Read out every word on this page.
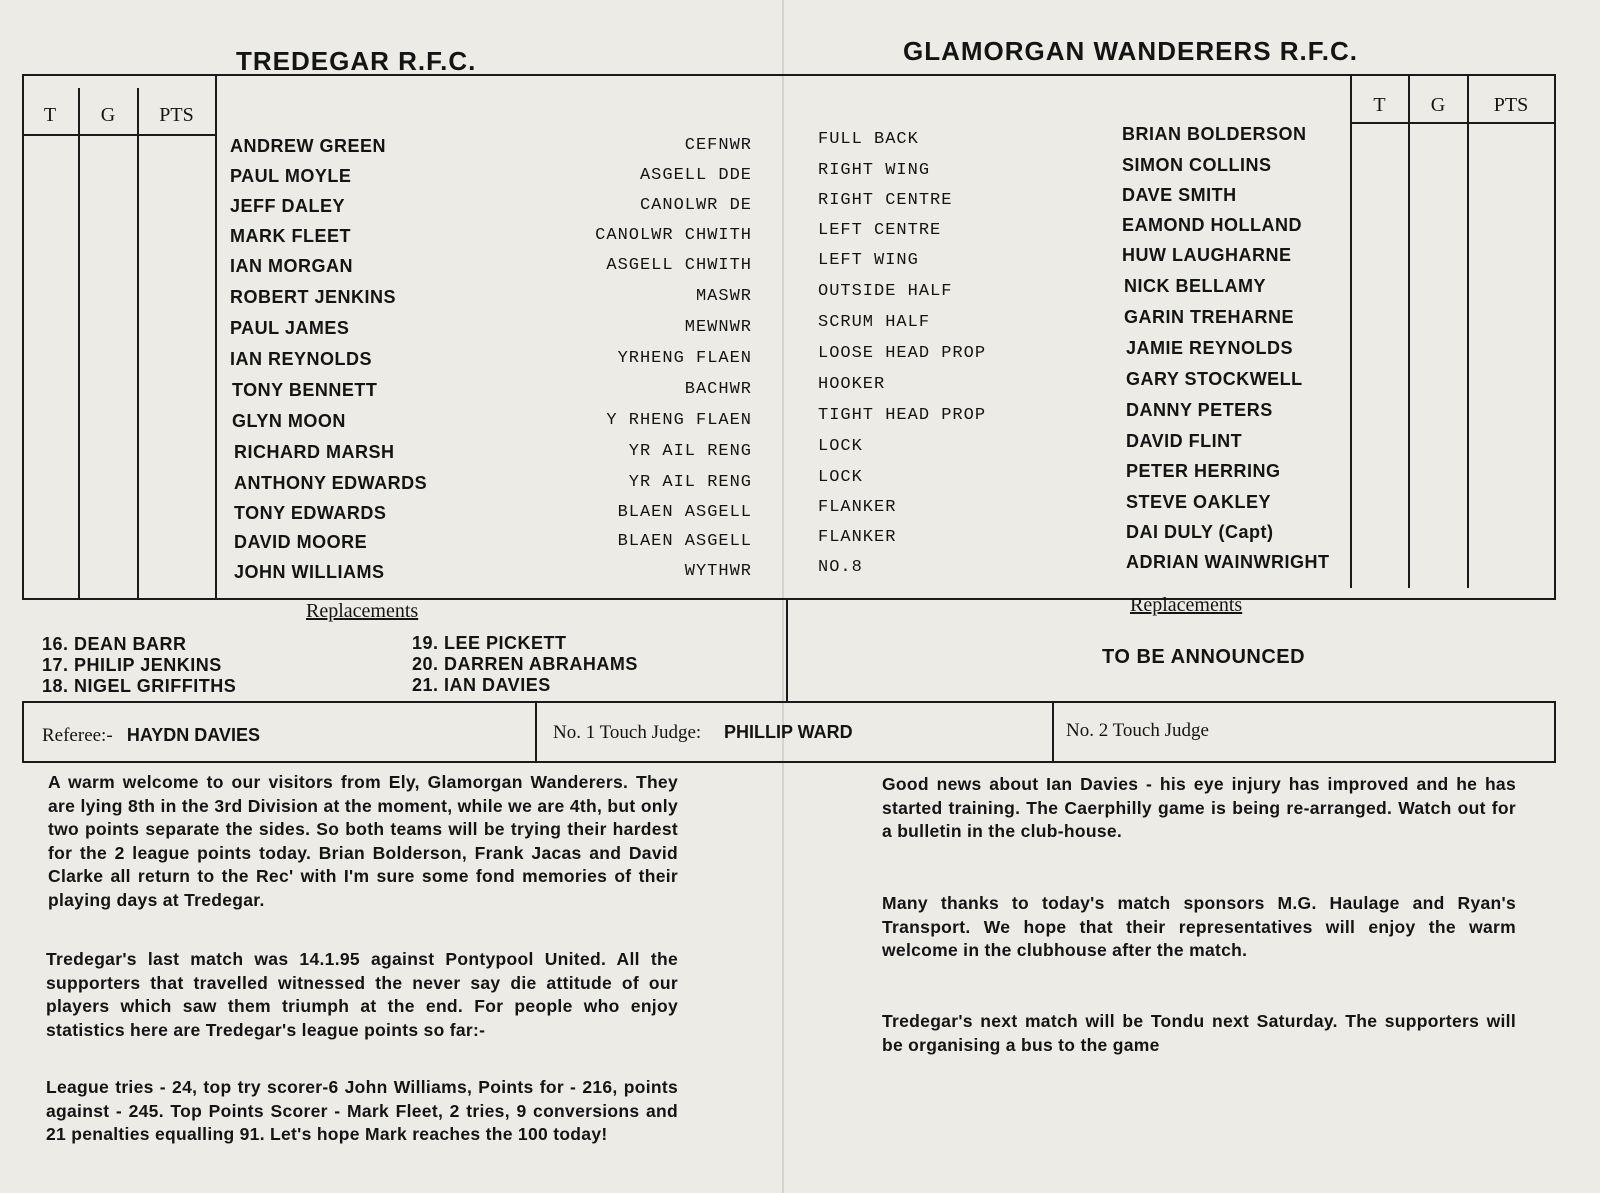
TREDEGAR R.F.C.	GLAMORGAN WANDERERS R.F.C.
T	G	PTS	T	G	PTS
ANDREW GREEN	CEFNWR
PAUL MOYLE	ASGELL DDE
JEFF DALEY	CANOLWR DE
MARK FLEET	CANOLWR CHWITH
IAN MORGAN	ASGELL CHWITH
ROBERT JENKINS	MASWR
PAUL JAMES	MEWNWR
IAN REYNOLDS	YRHENG FLAEN
TONY BENNETT	BACHWR
GLYN MOON	Y RHENG FLAEN
RICHARD MARSH	YR AIL RENG
ANTHONY EDWARDS	YR AIL RENG
TONY EDWARDS	BLAEN ASGELL
DAVID MOORE	BLAEN ASGELL
JOHN WILLIAMS	WYTHWR
FULL BACK	BRIAN BOLDERSON
RIGHT WING	SIMON COLLINS
RIGHT CENTRE	DAVE SMITH
LEFT CENTRE	EAMOND HOLLAND
LEFT WING	HUW LAUGHARNE
OUTSIDE HALF	NICK BELLAMY
SCRUM HALF	GARIN TREHARNE
LOOSE HEAD PROP	JAMIE REYNOLDS
HOOKER	GARY STOCKWELL
TIGHT HEAD PROP	DANNY PETERS
LOCK	DAVID FLINT
LOCK	PETER HERRING
FLANKER	STEVE OAKLEY
FLANKER	DAI DULY (Capt)
NO.8	ADRIAN WAINWRIGHT
Replacements	Replacements
16. DEAN BARR
17. PHILIP JENKINS
18. NIGEL GRIFFITHS
19. LEE PICKETT
20. DARREN ABRAHAMS
21. IAN DAVIES
TO BE ANNOUNCED
Referee:- HAYDN DAVIES	No. 1 Touch Judge: PHILLIP WARD	No. 2 Touch Judge
A warm welcome to our visitors from Ely, Glamorgan Wanderers. They are lying 8th in the 3rd Division at the moment, while we are 4th, but only two points separate the sides. So both teams will be trying their hardest for the 2 league points today. Brian Bolderson, Frank Jacas and David Clarke all return to the Rec' with I'm sure some fond memories of their playing days at Tredegar.
Tredegar's last match was 14.1.95 against Pontypool United. All the supporters that travelled witnessed the never say die attitude of our players which saw them triumph at the end. For people who enjoy statistics here are Tredegar's league points so far:-
League tries - 24, top try scorer-6 John Williams, Points for - 216, points against - 245. Top Points Scorer - Mark Fleet, 2 tries, 9 conversions and 21 penalties equalling 91. Let's hope Mark reaches the 100 today!
Good news about Ian Davies - his eye injury has improved and he has started training. The Caerphilly game is being re-arranged. Watch out for a bulletin in the club-house.
Many thanks to today's match sponsors M.G. Haulage and Ryan's Transport. We hope that their representatives will enjoy the warm welcome in the clubhouse after the match.
Tredegar's next match will be Tondu next Saturday. The supporters will be organising a bus to the game
